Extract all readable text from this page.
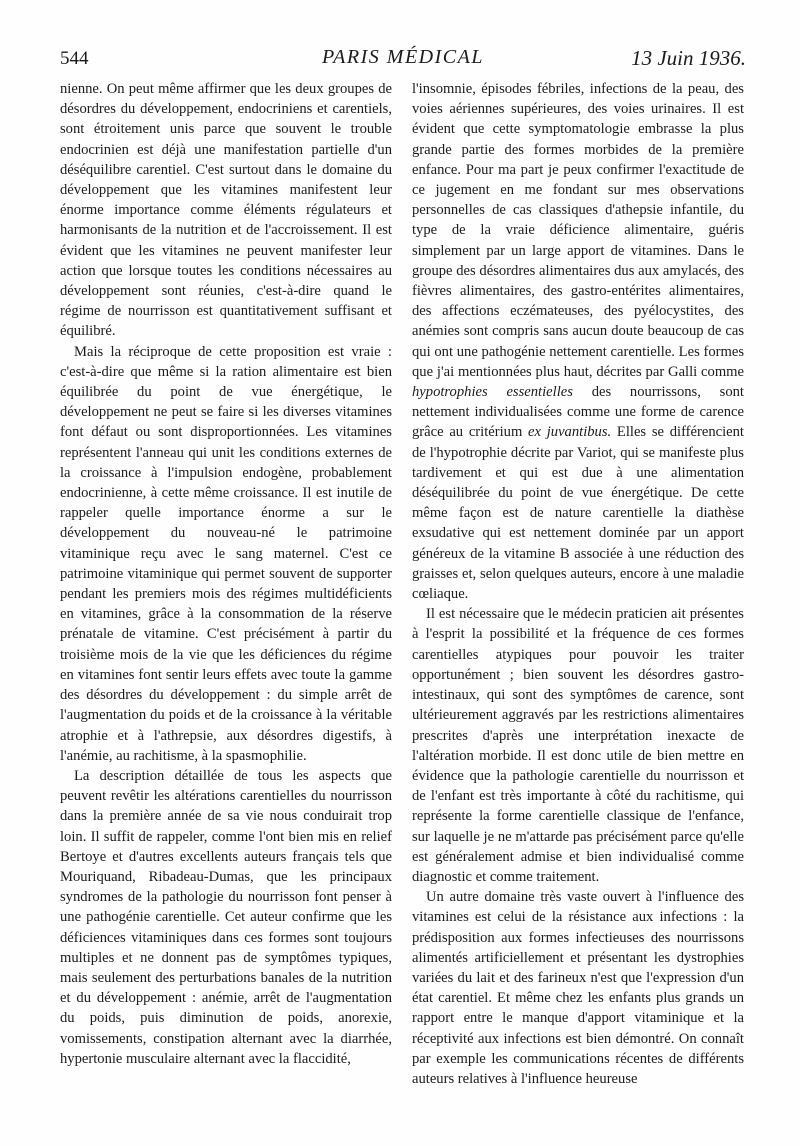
544	PARIS MÉDICAL	13 Juin 1936.

nienne. On peut même affirmer que les deux groupes de désordres du développement, endocriniens et carentiels, sont étroitement unis parce que souvent le trouble endocrinien est déjà une manifestation partielle d'un déséquilibre carentiel. C'est surtout dans le domaine du développement que les vitamines manifestent leur énorme importance comme éléments régulateurs et harmonisants de la nutrition et de l'accroissement. Il est évident que les vitamines ne peuvent manifester leur action que lorsque toutes les conditions nécessaires au développement sont réunies, c'est-à-dire quand le régime de nourrisson est quantitativement suffisant et équilibré.

Mais la réciproque de cette proposition est vraie : c'est-à-dire que même si la ration alimentaire est bien équilibrée du point de vue énergétique, le développement ne peut se faire si les diverses vitamines font défaut ou sont disproportionnées. Les vitamines représentent l'anneau qui unit les conditions externes de la croissance à l'impulsion endogène, probablement endocrinienne, à cette même croissance. Il est inutile de rappeler quelle importance énorme a sur le développement du nouveau-né le patrimoine vitaminique reçu avec le sang maternel. C'est ce patrimoine vitaminique qui permet souvent de supporter pendant les premiers mois des régimes multidéficients en vitamines, grâce à la consommation de la réserve prénatale de vitamine. C'est précisément à partir du troisième mois de la vie que les déficiences du régime en vitamines font sentir leurs effets avec toute la gamme des désordres du développement : du simple arrêt de l'augmentation du poids et de la croissance à la véritable atrophie et à l'athrepsie, aux désordres digestifs, à l'anémie, au rachitisme, à la spasmophilie.

La description détaillée de tous les aspects que peuvent revêtir les altérations carentielles du nourrisson dans la première année de sa vie nous conduirait trop loin. Il suffit de rappeler, comme l'ont bien mis en relief Bertoye et d'autres excellents auteurs français tels que Mouriquand, Ribadeau-Dumas, que les principaux syndromes de la pathologie du nourrisson font penser à une pathogénie carentielle. Cet auteur confirme que les déficiences vitaminiques dans ces formes sont toujours multiples et ne donnent pas de symptômes typiques, mais seulement des perturbations banales de la nutrition et du développement : anémie, arrêt de l'augmentation du poids, puis diminution de poids, anorexie, vomissements, constipation alternant avec la diarrhée, hypertonie musculaire alternant avec la flaccidité,

l'insomnie, épisodes fébriles, infections de la peau, des voies aériennes supérieures, des voies urinaires. Il est évident que cette symptomatologie embrasse la plus grande partie des formes morbides de la première enfance. Pour ma part je peux confirmer l'exactitude de ce jugement en me fondant sur mes observations personnelles de cas classiques d'athepsie infantile, du type de la vraie déficience alimentaire, guéris simplement par un large apport de vitamines. Dans le groupe des désordres alimentaires dus aux amylacés, des fièvres alimentaires, des gastro-entérites alimentaires, des affections eczémateuses, des pyélocystites, des anémies sont compris sans aucun doute beaucoup de cas qui ont une pathogénie nettement carentielle. Les formes que j'ai mentionnées plus haut, décrites par Galli comme hypotrophies essentielles des nourrissons, sont nettement individualisées comme une forme de carence grâce au critérium ex juvantibus. Elles se différencient de l'hypotrophie décrite par Variot, qui se manifeste plus tardivement et qui est due à une alimentation déséquilibrée du point de vue énergétique. De cette même façon est de nature carentielle la diathèse exsudative qui est nettement dominée par un apport généreux de la vitamine B associée à une réduction des graisses et, selon quelques auteurs, encore à une maladie cœliaque.

Il est nécessaire que le médecin praticien ait présentes à l'esprit la possibilité et la fréquence de ces formes carentielles atypiques pour pouvoir les traiter opportunément ; bien souvent les désordres gastro-intestinaux, qui sont des symptômes de carence, sont ultérieurement aggravés par les restrictions alimentaires prescrites d'après une interprétation inexacte de l'altération morbide. Il est donc utile de bien mettre en évidence que la pathologie carentielle du nourrisson et de l'enfant est très importante à côté du rachitisme, qui représente la forme carentielle classique de l'enfance, sur laquelle je ne m'attarde pas précisément parce qu'elle est généralement admise et bien individualisé comme diagnostic et comme traitement.

Un autre domaine très vaste ouvert à l'influence des vitamines est celui de la résistance aux infections : la prédisposition aux formes infectieuses des nourrissons alimentés artificiellement et présentant les dystrophies variées du lait et des farineux n'est que l'expression d'un état carentiel. Et même chez les enfants plus grands un rapport entre le manque d'apport vitaminique et la réceptivité aux infections est bien démontré. On connaît par exemple les communications récentes de différents auteurs relatives à l'influence heureuse
